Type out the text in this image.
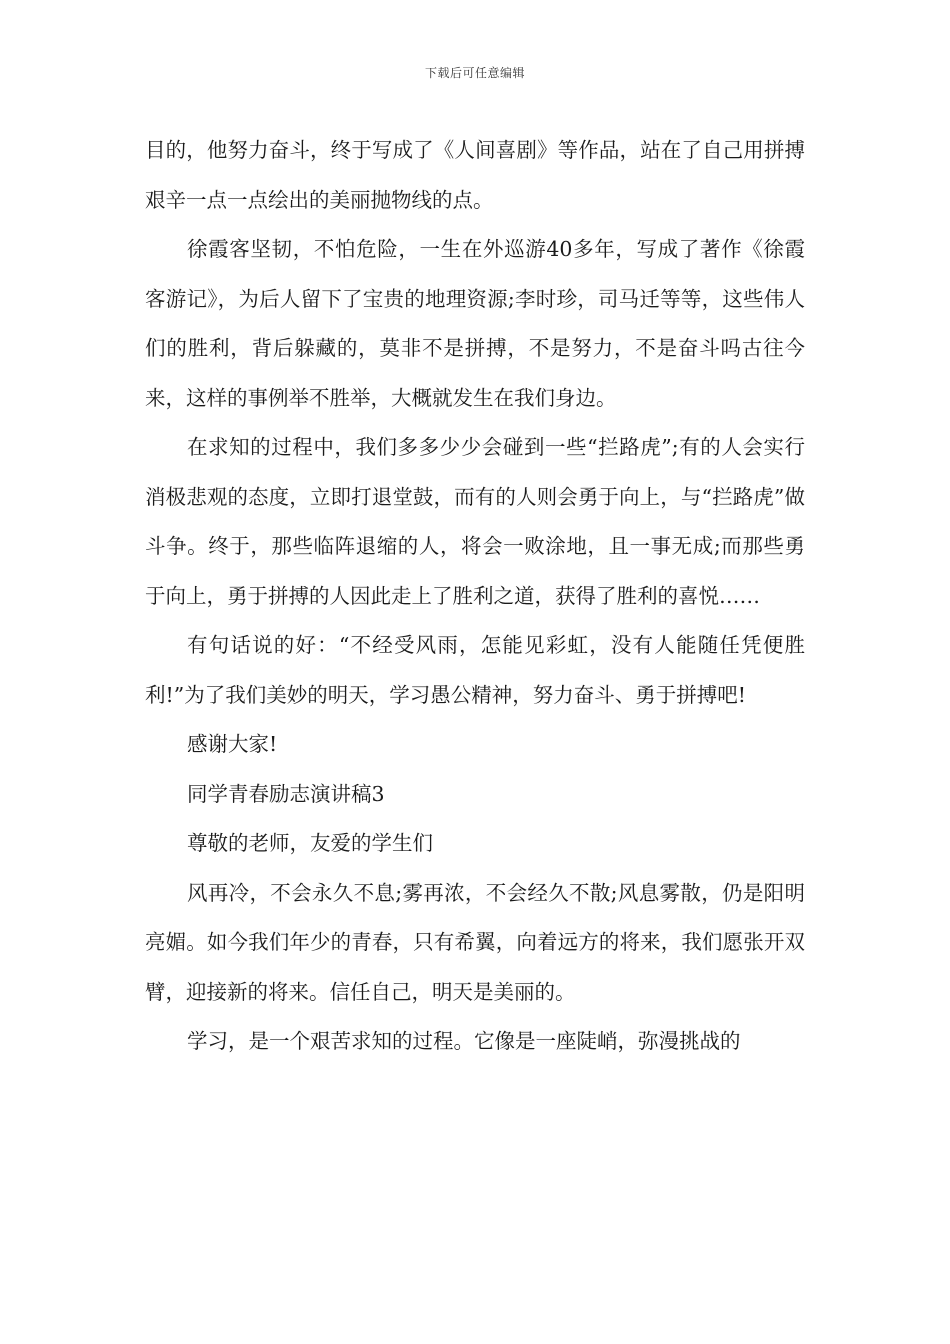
下载后可任意编辑

目的，他努力奋斗，终于写成了《人间喜剧》等作品，站在了自己用拼搏艰辛一点一点绘出的美丽抛物线的点。

徐霞客坚韧，不怕危险，一生在外巡游40多年，写成了著作《徐霞客游记》，为后人留下了宝贵的地理资源;李时珍，司马迁等等，这些伟人们的胜利，背后躲藏的，莫非不是拼搏，不是努力，不是奋斗吗古往今来，这样的事例举不胜举，大概就发生在我们身边。

在求知的过程中，我们多多少少会碰到一些“拦路虎”;有的人会实行消极悲观的态度，立即打退堂鼓，而有的人则会勇于向上，与“拦路虎”做斗争。终于，那些临阵退缩的人，将会一败涂地，且一事无成;而那些勇于向上，勇于拼搏的人因此走上了胜利之道，获得了胜利的喜悦……

有句话说的好：“不经受风雨，怎能见彩虹，没有人能随任凭便胜利!”为了我们美妙的明天，学习愚公精神，努力奋斗、勇于拼搏吧!

感谢大家!

同学青春励志演讲稿3

尊敬的老师，友爱的学生们

风再冷，不会永久不息;雾再浓，不会经久不散;风息雾散，仍是阳明亮媚。如今我们年少的青春，只有希翼，向着远方的将来，我们愿张开双臂，迎接新的将来。信任自己，明天是美丽的。

学习，是一个艰苦求知的过程。它像是一座陡峭，弥漫挑战的
